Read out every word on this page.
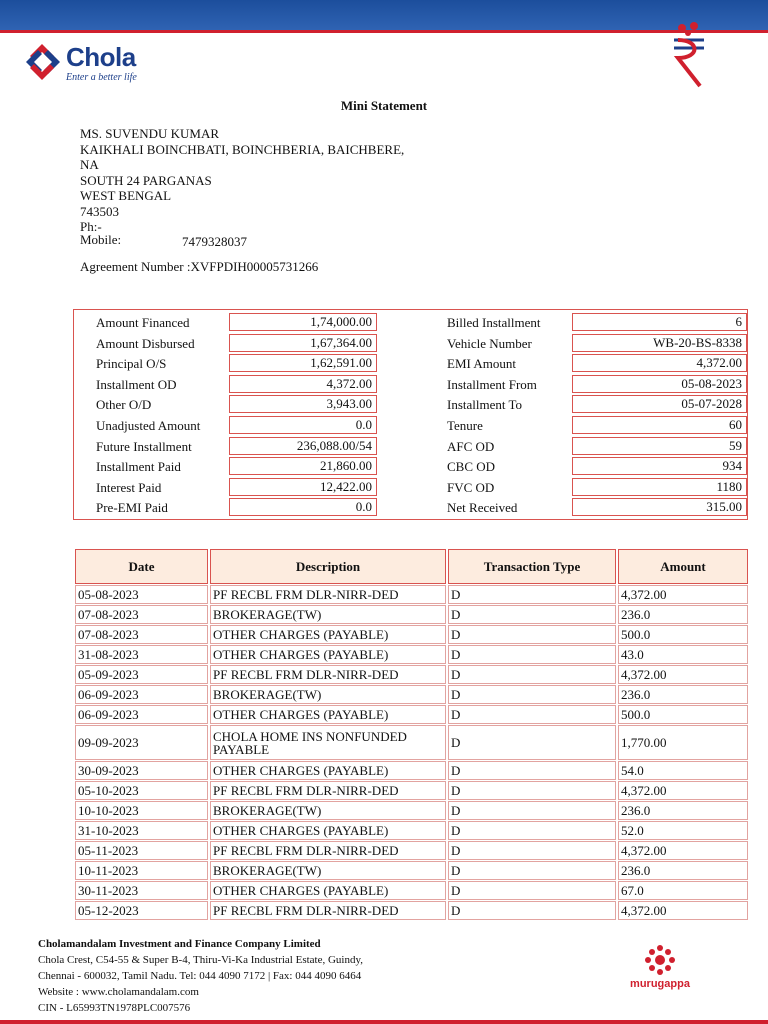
Chola
Enter a better life
Mini Statement
MS. SUVENDU KUMAR
KAIKHALI BOINCHBATI, BOINCHBERIA, BAICHBERE,
NA
SOUTH 24 PARGANAS
WEST BENGAL
743503
Ph:-
Mobile:	7479328037
Agreement Number :XVFPDIH00005731266
Amount Financed	1,74,000.00	Billed Installment	6
Amount Disbursed	1,67,364.00	Vehicle Number	WB-20-BS-8338
Principal O/S	1,62,591.00	EMI Amount	4,372.00
Installment OD	4,372.00	Installment From	05-08-2023
Other O/D	3,943.00	Installment To	05-07-2028
Unadjusted Amount	0.0	Tenure	60
Future Installment	236,088.00/54	AFC OD	59
Installment Paid	21,860.00	CBC OD	934
Interest Paid	12,422.00	FVC OD	1180
Pre-EMI Paid	0.0	Net Received	315.00
Date	Description	Transaction Type	Amount
05-08-2023	PF RECBL FRM DLR-NIRR-DED	D	4,372.00
07-08-2023	BROKERAGE(TW)	D	236.0
07-08-2023	OTHER CHARGES (PAYABLE)	D	500.0
31-08-2023	OTHER CHARGES (PAYABLE)	D	43.0
05-09-2023	PF RECBL FRM DLR-NIRR-DED	D	4,372.00
06-09-2023	BROKERAGE(TW)	D	236.0
06-09-2023	OTHER CHARGES (PAYABLE)	D	500.0
09-09-2023	CHOLA HOME INS NONFUNDED PAYABLE	D	1,770.00
30-09-2023	OTHER CHARGES (PAYABLE)	D	54.0
05-10-2023	PF RECBL FRM DLR-NIRR-DED	D	4,372.00
10-10-2023	BROKERAGE(TW)	D	236.0
31-10-2023	OTHER CHARGES (PAYABLE)	D	52.0
05-11-2023	PF RECBL FRM DLR-NIRR-DED	D	4,372.00
10-11-2023	BROKERAGE(TW)	D	236.0
30-11-2023	OTHER CHARGES (PAYABLE)	D	67.0
05-12-2023	PF RECBL FRM DLR-NIRR-DED	D	4,372.00
Cholamandalam Investment and Finance Company Limited
Chola Crest, C54-55 & Super B-4, Thiru-Vi-Ka Industrial Estate, Guindy,
Chennai - 600032, Tamil Nadu. Tel: 044 4090 7172 | Fax: 044 4090 6464
Website : www.cholamandalam.com
CIN - L65993TN1978PLC007576
murugappa
